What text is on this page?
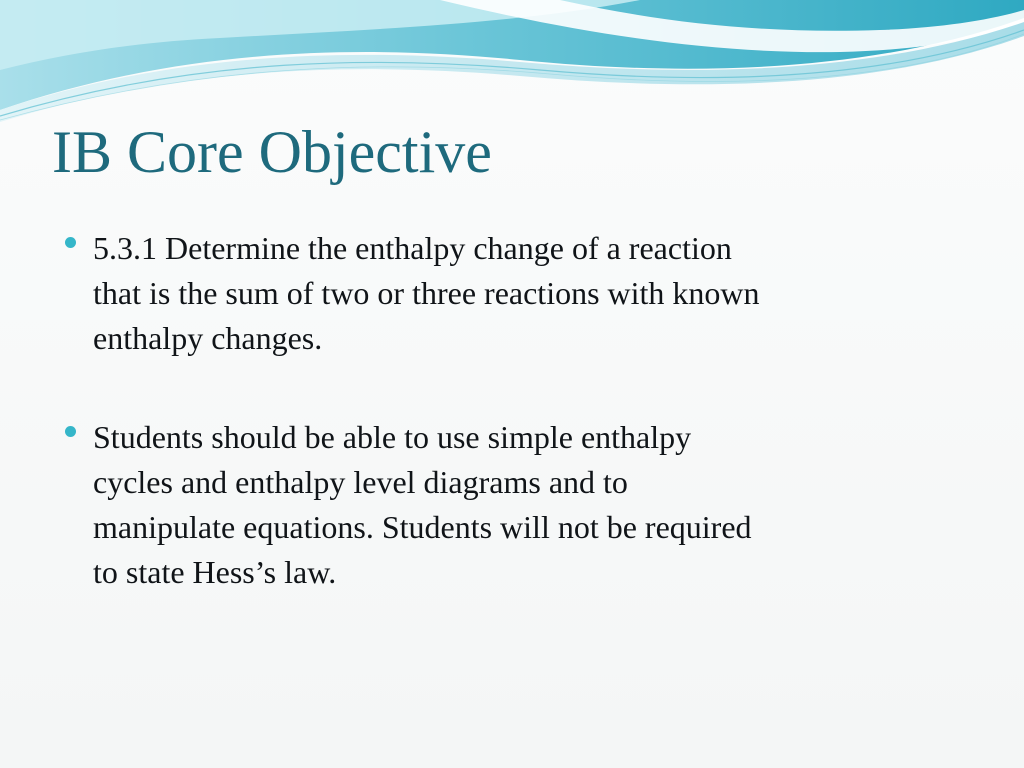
IB Core Objective
5.3.1 Determine the enthalpy change of a reaction
that is the sum of two or three reactions with known
enthalpy changes.
Students should be able to use simple enthalpy
cycles and enthalpy level diagrams and to
manipulate equations. Students will not be required
to state Hess’s law.
